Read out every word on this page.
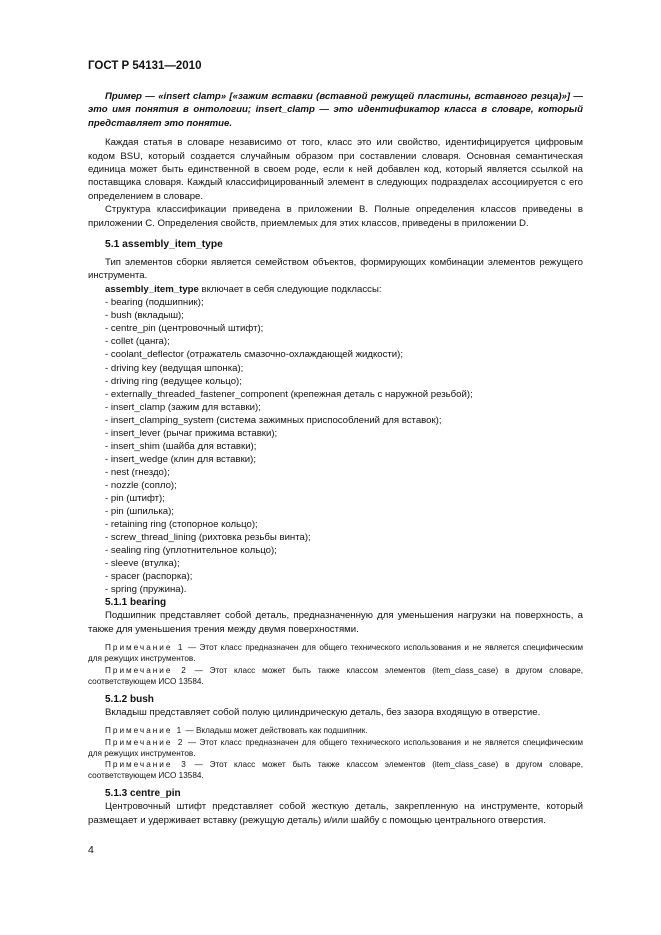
ГОСТ Р 54131—2010

Пример — «insert clamp» [«зажим вставки (вставной режущей пластины, вставного резца)»] — это имя понятия в онтологии; insert_clamp — это идентификатор класса в словаре, который представляет это понятие.

Каждая статья в словаре независимо от того, класс это или свойство, идентифицируется цифровым кодом BSU, который создается случайным образом при составлении словаря. Основная семантическая единица может быть единственной в своем роде, если к ней добавлен код, который является ссылкой на поставщика словаря. Каждый классифицированный элемент в следующих подразделах ассоциируется с его определением в словаре.

Структура классификации приведена в приложении B. Полные определения классов приведены в приложении C. Определения свойств, приемлемых для этих классов, приведены в приложении D.

5.1 assembly_item_type

Тип элементов сборки является семейством объектов, формирующих комбинации элементов режущего инструмента.

assembly_item_type включает в себя следующие подклассы:

- bearing (подшипник);
- bush (вкладыш);
- centre_pin (центровочный штифт);
- collet (цанга);
- coolant_deflector (отражатель смазочно-охлаждающей жидкости);
- driving key (ведущая шпонка);
- driving ring (ведущее кольцо);
- externally_threaded_fastener_component (крепежная деталь с наружной резьбой);
- insert_clamp (зажим для вставки);
- insert_clamping_system (система зажимных приспособлений для вставок);
- insert_lever (рычаг прижима вставки);
- insert_shim (шайба для вставки);
- insert_wedge (клин для вставки);
- nest (гнездо);
- nozzle (сопло);
- pin (штифт);
- pin (шпилька);
- retaining ring (стопорное кольцо);
- screw_thread_lining (рихтовка резьбы винта);
- sealing ring (уплотнительное кольцо);
- sleeve (втулка);
- spacer (распорка);
- spring (пружина).
5.1.1 bearing

Подшипник представляет собой деталь, предназначенную для уменьшения нагрузки на поверхность, а также для уменьшения трения между двумя поверхностями.

Примечание 1 — Этот класс предназначен для общего технического использования и не является специфическим для режущих инструментов.

Примечание 2 — Этот класс может быть также классом элементов (item_class_case) в другом словаре, соответствующем ИСО 13584.

5.1.2 bush

Вкладыш представляет собой полую цилиндрическую деталь, без зазора входящую в отверстие.

Примечание 1 — Вкладыш может действовать как подшипник.

Примечание 2 — Этот класс предназначен для общего технического использования и не является специфическим для режущих инструментов.

Примечание 3 — Этот класс может быть также классом элементов (item_class_case) в другом словаре, соответствующем ИСО 13584.

5.1.3 centre_pin

Центровочный штифт представляет собой жесткую деталь, закрепленную на инструменте, который размещает и удерживает вставку (режущую деталь) и/или шайбу с помощью центрального отверстия.

4
